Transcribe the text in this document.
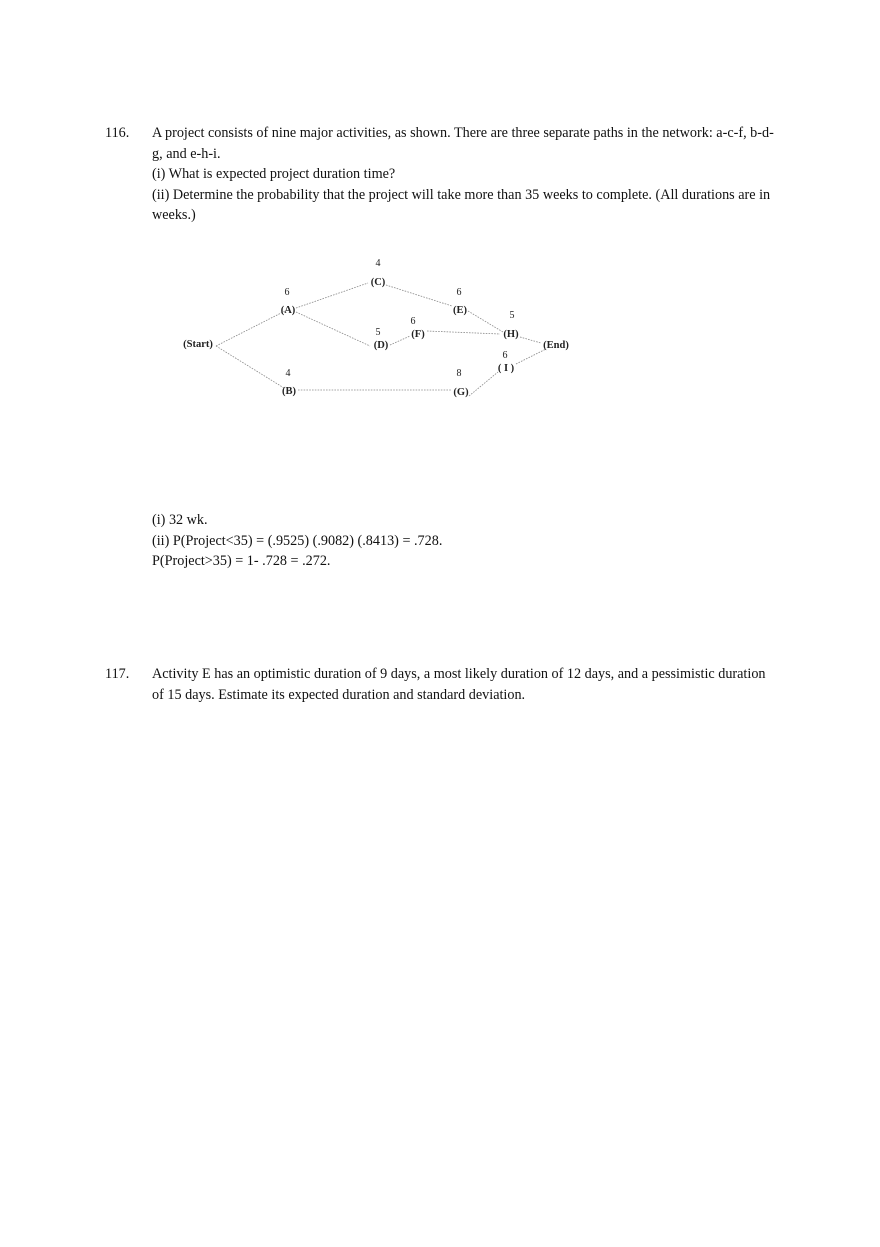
116. A project consists of nine major activities, as shown. There are three separate paths in the network: a-c-f, b-d-g, and e-h-i.

(i) What is expected project duration time?

(ii) Determine the probability that the project will take more than 35 weeks to complete. (All durations are in weeks.)

6
4
4
5
6
6
8
5
6
(Start)
(A)
(B)
(C)
(D)
(E)
(F)
(G)
(H)
( I )
(End)

(i) 32 wk.

(ii) P(Project<35) = (.9525) (.9082) (.8413) = .728.

P(Project>35) = 1- .728 = .272.

117. Activity E has an optimistic duration of 9 days, a most likely duration of 12 days, and a pessimistic duration of 15 days. Estimate its expected duration and standard deviation.
